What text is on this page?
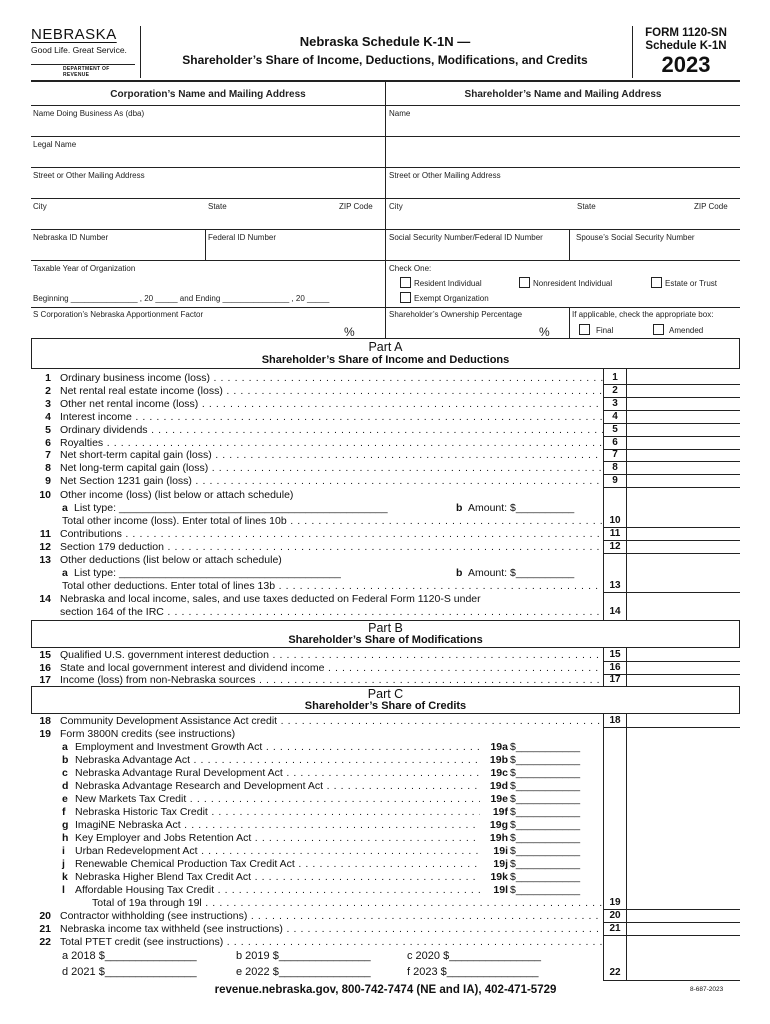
NEBRASKA
Good Life. Great Service.
DEPARTMENT OF REVENUE
Nebraska Schedule K-1N —
Shareholder’s Share of Income, Deductions, Modifications, and Credits
FORM 1120-SN
Schedule K-1N
2023
Corporation’s Name and Mailing Address	Shareholder’s Name and Mailing Address
Name Doing Business As (dba)	Name
Legal Name
Street or Other Mailing Address	Street or Other Mailing Address
City	State	ZIP Code City	State	ZIP Code
Nebraska ID Number	Federal ID Number	Social Security Number/Federal ID Number	Spouse’s Social Security Number
Taxable Year of Organization
Beginning _______________ , 20 _____ and Ending _______________ , 20 _____
Check One:
Resident Individual	Nonresident Individual	Estate or Trust
Exempt Organization
S Corporation’s Nebraska Apportionment Factor
%
Shareholder’s Ownership Percentage
%
If applicable, check the appropriate box:
Final	Amended
Part A
Shareholder’s Share of Income and Deductions
1 Ordinary business income (loss) . . .	1
2 Net rental real estate income (loss) . . .	2
3 Other net rental income (loss) . . .	3
4 Interest income . . .	4
5 Ordinary dividends . . .	5
6 Royalties . . .	6
7 Net short-term capital gain (loss) . . .	7
8 Net long-term capital gain (loss) . . .	8
9 Net Section 1231 gain (loss) . . .	9
10 Other income (loss) (list below or attach schedule)
a List type: ______________________________________________	b Amount: $__________
Total other income (loss). Enter total of lines 10b . . .	10
11 Contributions . . .	11
12 Section 179 deduction . . .	12
13 Other deductions (list below or attach schedule)
a List type: ______________________________________	b Amount: $__________
Total other deductions. Enter total of lines 13b . . .	13
14 Nebraska and local income, sales, and use taxes deducted on Federal Form 1120-S under
section 164 of the IRC . . .	14
Part B
Shareholder’s Share of Modifications
15 Qualified U.S. government interest deduction . . .	15
16 State and local government interest and dividend income . . .	16
17 Income (loss) from non-Nebraska sources . . .	17
Part C
Shareholder’s Share of Credits
18 Community Development Assistance Act credit . . .	18
19 Form 3800N credits (see instructions)
a Employment and Investment Growth Act . . .	19a $___________
b Nebraska Advantage Act . . .	19b $___________
c Nebraska Advantage Rural Development Act . . .	19c $___________
d Nebraska Advantage Research and Development Act . . .	19d $___________
e New Markets Tax Credit . . .	19e $___________
f Nebraska Historic Tax Credit . . .	19f $___________
g ImagiNE Nebraska Act . . .	19g $___________
h Key Employer and Jobs Retention Act . . .	19h $___________
i Urban Redevelopment Act . . .	19i $___________
j Renewable Chemical Production Tax Credit Act . . .	19j $___________
k Nebraska Higher Blend Tax Credit Act . . .	19k $___________
l Affordable Housing Tax Credit . . .	19l $___________
Total of 19a through 19l . . .	19
20 Contractor withholding (see instructions) . . .	20
21 Nebraska income tax withheld (see instructions) . . .	21
22 Total PTET credit (see instructions) . . .
a 2018 $_______________	b 2019 $_______________	c 2020 $_______________
d 2021 $_______________	e 2022 $_______________	f 2023 $_______________	22
revenue.nebraska.gov, 800-742-7474 (NE and IA), 402-471-5729	8-687-2023
